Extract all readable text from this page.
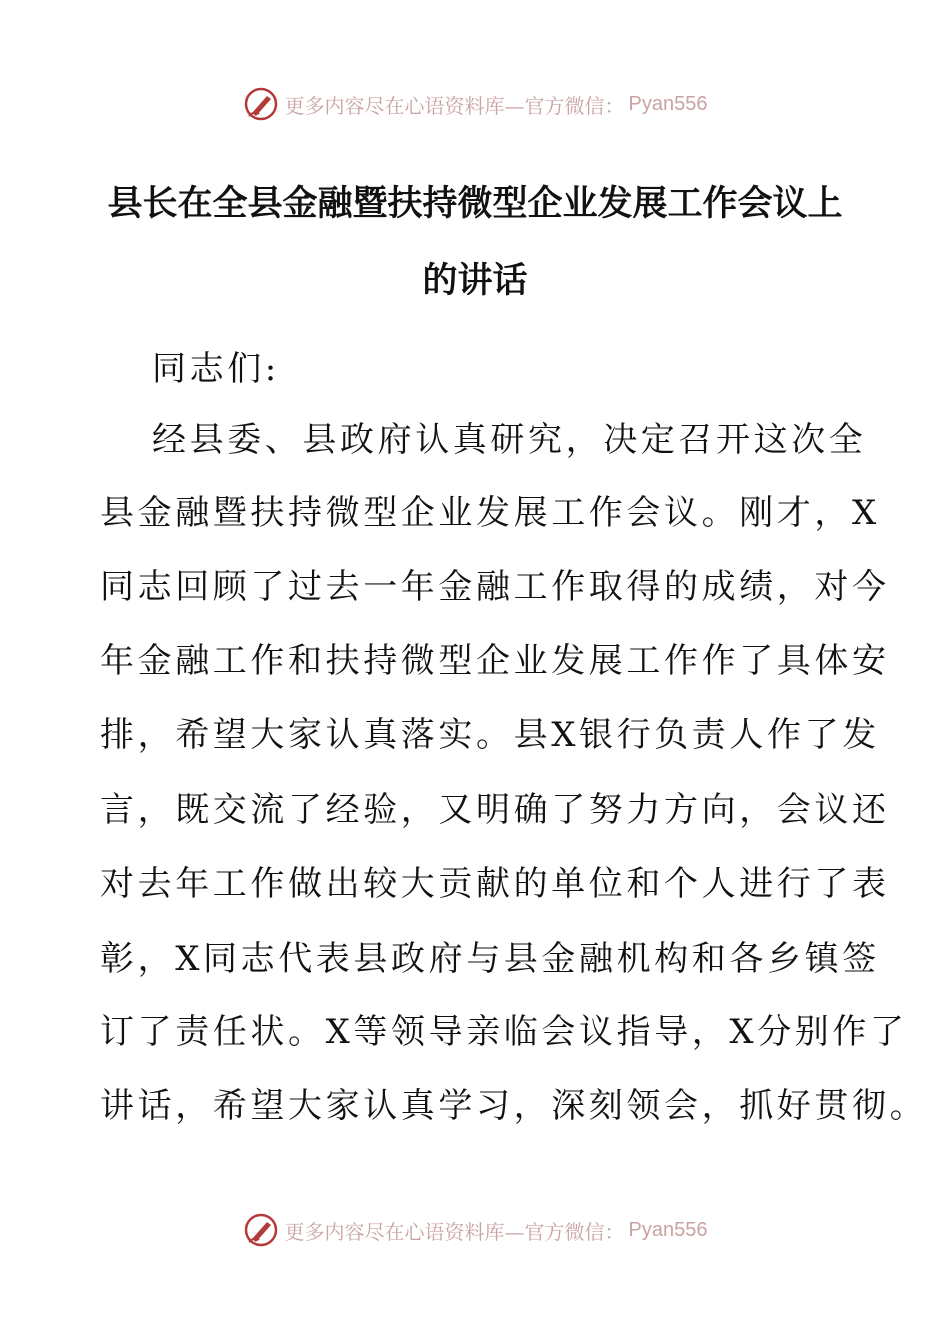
更多内容尽在心语资料库—官方微信： Pyan556
县长在全县金融暨扶持微型企业发展工作会议上
的讲话

同志们:

经县委、县政府认真研究，决定召开这次全

县金融暨扶持微型企业发展工作会议。刚才，X

同志回顾了过去一年金融工作取得的成绩，对今

年金融工作和扶持微型企业发展工作作了具体安

排，希望大家认真落实。县X银行负责人作了发

言，既交流了经验，又明确了努力方向，会议还

对去年工作做出较大贡献的单位和个人进行了表

彰，X同志代表县政府与县金融机构和各乡镇签

订了责任状。X等领导亲临会议指导，X分别作了

讲话，希望大家认真学习，深刻领会，抓好贯彻。

更多内容尽在心语资料库—官方微信： Pyan556
